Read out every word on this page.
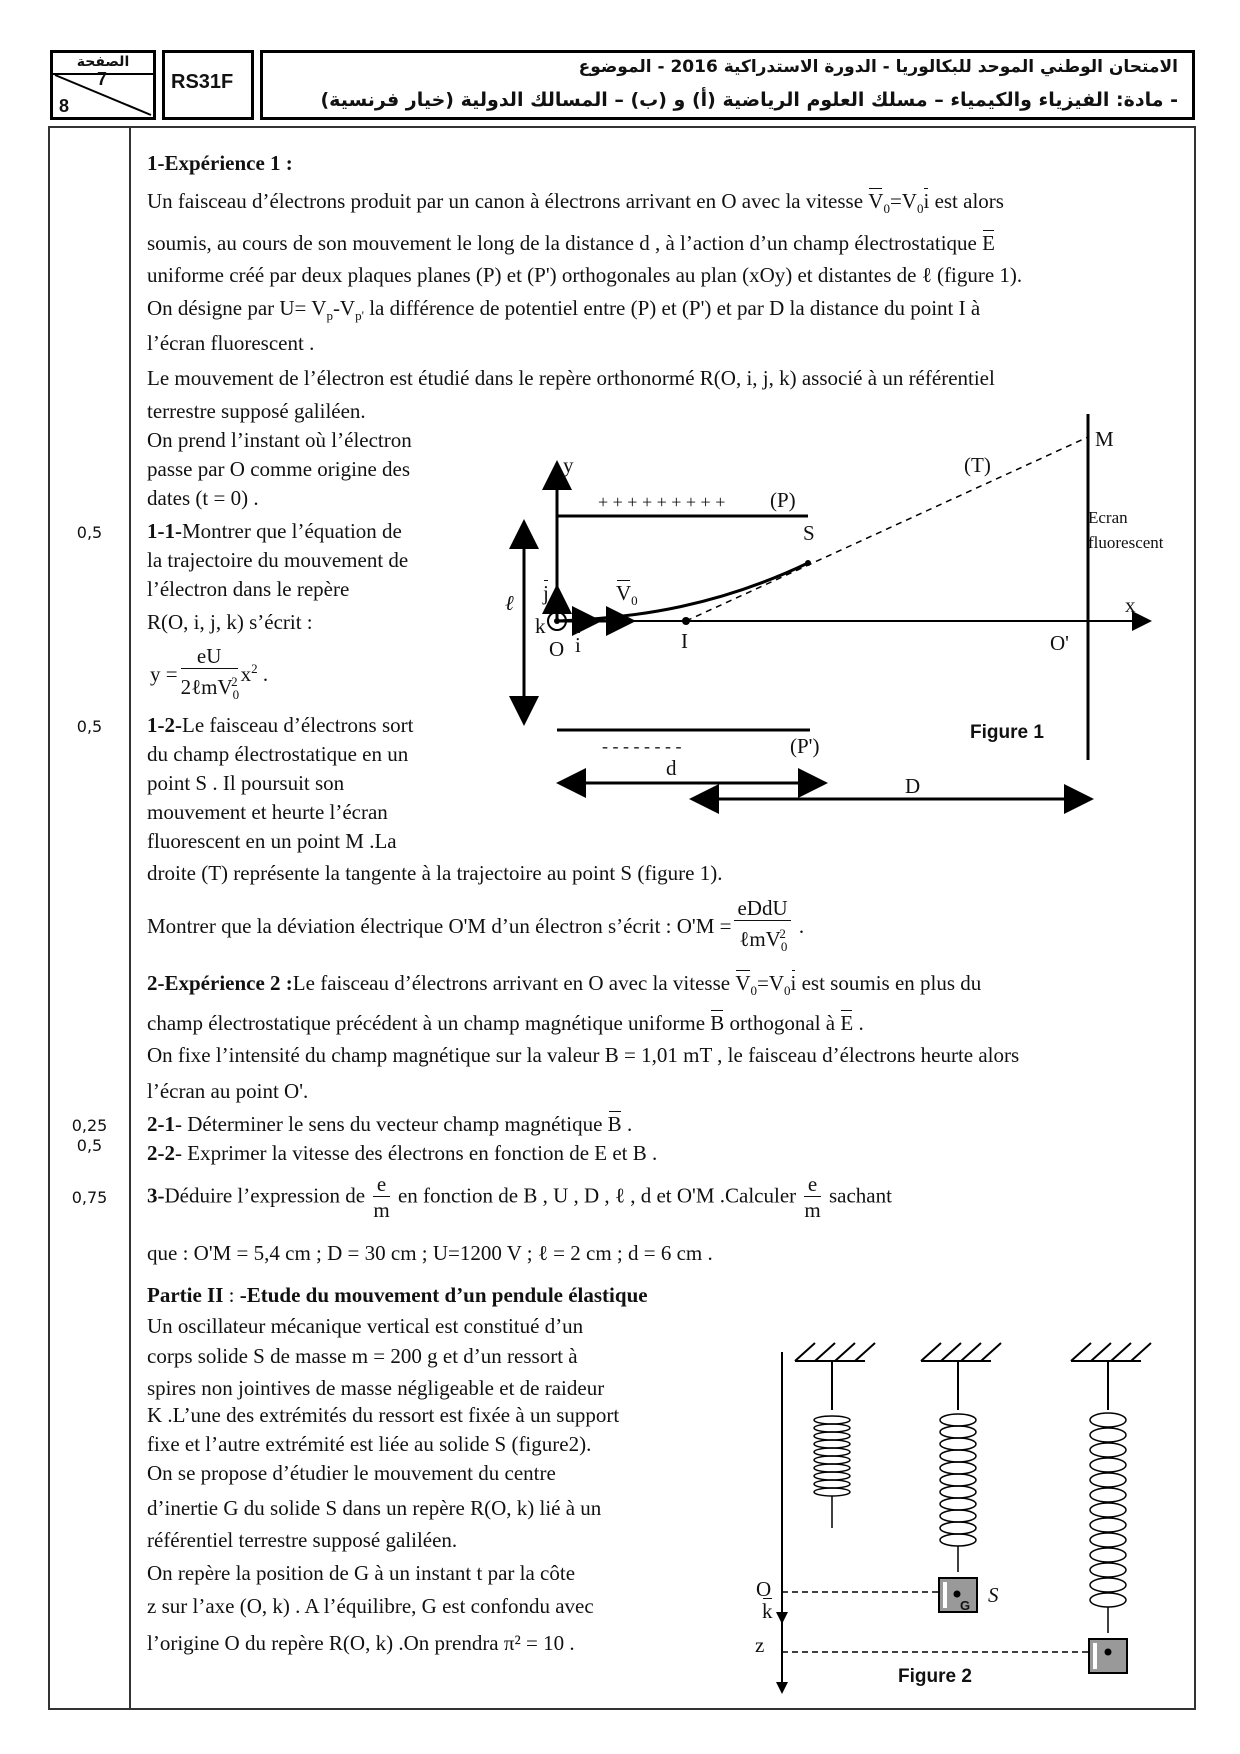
الصفحة
7
8
RS31F
الامتحان الوطني الموحد للبكالوريا - الدورة الاستدراكية 2016 - الموضوع
- مادة: الفيزياء والكيمياء – مسلك العلوم الرياضية (أ) و (ب) – المسالك الدولية (خيار فرنسية)
0,5
0,5
0,25
0,5
0,75
1-Expérience 1 :
Un faisceau d’électrons produit par un canon à électrons arrivant en O avec la vitesse $V_0=V_0i$ est alors
soumis, au cours de son mouvement le long de la distance d , à l’action d’un champ électrostatique E
uniforme créé par deux plaques planes (P) et (P') orthogonales au plan (xOy) et distantes de ℓ (figure 1).
On désigne par $U= V_p-V_{p'}$ la différence de potentiel entre (P) et (P') et par D la distance du point I à
l’écran fluorescent .
Le mouvement de l’électron est étudié dans le repère orthonormé R(O, i, j, k) associé à un référentiel
terrestre supposé galiléen.
On prend l’instant où l’électron
passe par O comme origine des
dates (t = 0) .
1-1-Montrer que l’équation de
la trajectoire du mouvement de
l’électron dans le repère
R(O, i, j, k) s’écrit :
$y = \frac{eU}{2\ell mV_0^2} x^2$ .
1-2-Le faisceau d’électrons sort
du champ électrostatique en un
point S . Il poursuit son
mouvement et heurte l’écran
fluorescent en un point M .La
droite (T) représente la tangente à la trajectoire au point S (figure 1).
Montrer que la déviation électrique O'M d’un électron s’écrit : $O'M = \frac{\text{eDdU}}{\ell mV_0^2}$ .
2-Expérience 2 :Le faisceau d’électrons arrivant en O avec la vitesse $V_0=V_0i$ est soumis en plus du
champ électrostatique précédent à un champ magnétique uniforme B orthogonal à E .
On fixe l’intensité du champ magnétique sur la valeur B = 1,01 mT , le faisceau d’électrons heurte alors
l’écran au point O'.
2-1- Déterminer le sens du vecteur champ magnétique B .
2-2- Exprimer la vitesse des électrons en fonction de E et B .
3-Déduire l’expression de $\frac{e}{m}$ en fonction de B , U , D , ℓ , d et O'M .Calculer $\frac{e}{m}$ sachant
que : O'M = 5,4 cm ; D = 30 cm ; U=1200 V ; ℓ = 2 cm ; d = 6 cm .
y
x
+ + + + + + + + + (P)
S
(T)
M
Ecran
fluorescent
$V_0$
I
O i
j
k
ℓ
O'
Figure 1
- - - - - - - -	(P')
d
D
Partie II : -Etude du mouvement d’un pendule élastique
Un oscillateur mécanique vertical est constitué d’un
corps solide S de masse m = 200 g et d’un ressort à
spires non jointives de masse négligeable et de raideur
K .L’une des extrémités du ressort est fixée à un support
fixe et l’autre extrémité est liée au solide S (figure2).
On se propose d’étudier le mouvement du centre
d’inertie G du solide S dans un repère R(O, k) lié à un
référentiel terrestre supposé galiléen.
On repère la position de G à un instant t par la côte
z sur l’axe (O, k) . A l’équilibre, G est confondu avec
l’origine O du repère R(O, k) .On prendra π² = 10 .
O
k
z
S
G
Figure 2
